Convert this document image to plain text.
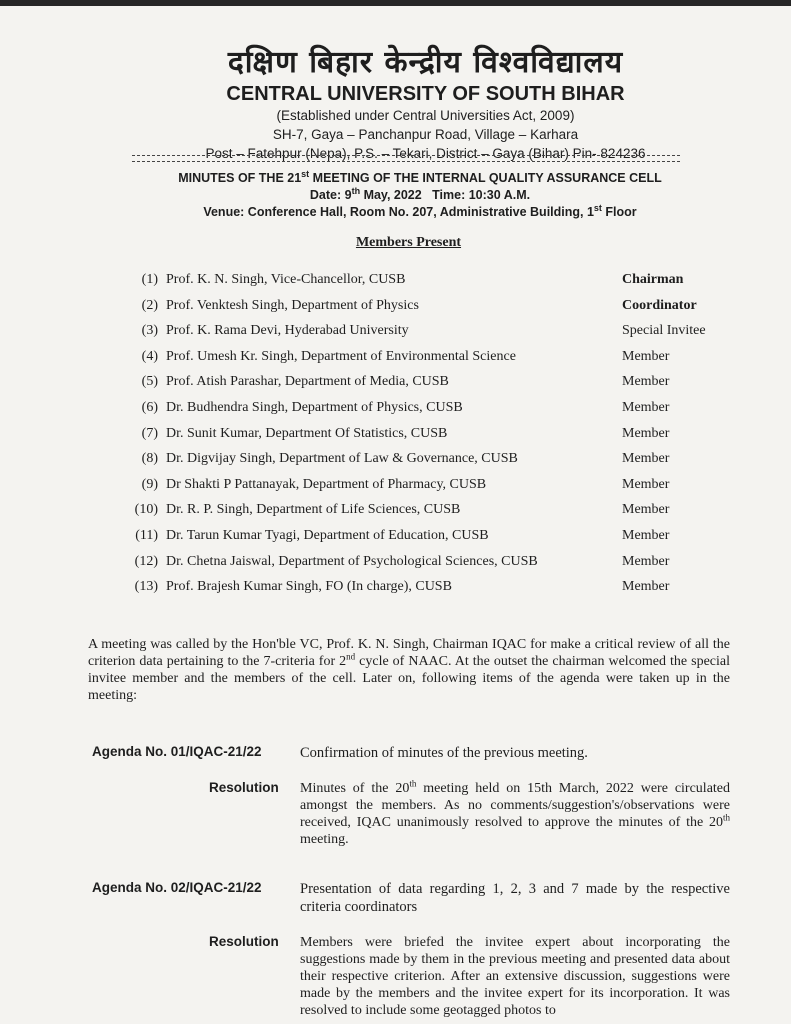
दक्षिण बिहार केन्द्रीय विश्वविद्यालय
CENTRAL UNIVERSITY OF SOUTH BIHAR
(Established under Central Universities Act, 2009)
SH-7, Gaya – Panchanpur Road, Village – Karhara
Post – Fatehpur (Nepa), P.S. – Tekari, District – Gaya (Bihar) Pin- 824236
MINUTES OF THE 21st MEETING OF THE INTERNAL QUALITY ASSURANCE CELL
Date: 9th May, 2022 Time: 10:30 A.M.
Venue: Conference Hall, Room No. 207, Administrative Building, 1st Floor
Members Present
(1) Prof. K. N. Singh, Vice-Chancellor, CUSB	Chairman
(2) Prof. Venktesh Singh, Department of Physics	Coordinator
(3) Prof. K. Rama Devi, Hyderabad University	Special Invitee
(4) Prof. Umesh Kr. Singh, Department of Environmental Science	Member
(5) Prof. Atish Parashar, Department of Media, CUSB	Member
(6) Dr. Budhendra Singh, Department of Physics, CUSB	Member
(7) Dr. Sunit Kumar, Department Of Statistics, CUSB	Member
(8) Dr. Digvijay Singh, Department of Law & Governance, CUSB	Member
(9) Dr Shakti P Pattanayak, Department of Pharmacy, CUSB	Member
(10) Dr. R. P. Singh, Department of Life Sciences, CUSB	Member
(11) Dr. Tarun Kumar Tyagi, Department of Education, CUSB	Member
(12) Dr. Chetna Jaiswal, Department of Psychological Sciences, CUSB	Member
(13) Prof. Brajesh Kumar Singh, FO (In charge), CUSB	Member
A meeting was called by the Hon'ble VC, Prof. K. N. Singh, Chairman IQAC for make a critical review of all the criterion data pertaining to the 7-criteria for 2nd cycle of NAAC. At the outset the chairman welcomed the special invitee member and the members of the cell. Later on, following items of the agenda were taken up in the meeting:
Agenda No. 01/IQAC-21/22	Confirmation of minutes of the previous meeting.
Resolution Minutes of the 20th meeting held on 15th March, 2022 were circulated amongst the members. As no comments/suggestion's/observations were received, IQAC unanimously resolved to approve the minutes of the 20th meeting.
Agenda No. 02/IQAC-21/22	Presentation of data regarding 1, 2, 3 and 7 made by the respective criteria coordinators
Resolution Members were briefed the invitee expert about incorporating the suggestions made by them in the previous meeting and presented data about their respective criterion. After an extensive discussion, suggestions were made by the members and the invitee expert for its incorporation. It was resolved to include some geotagged photos to
